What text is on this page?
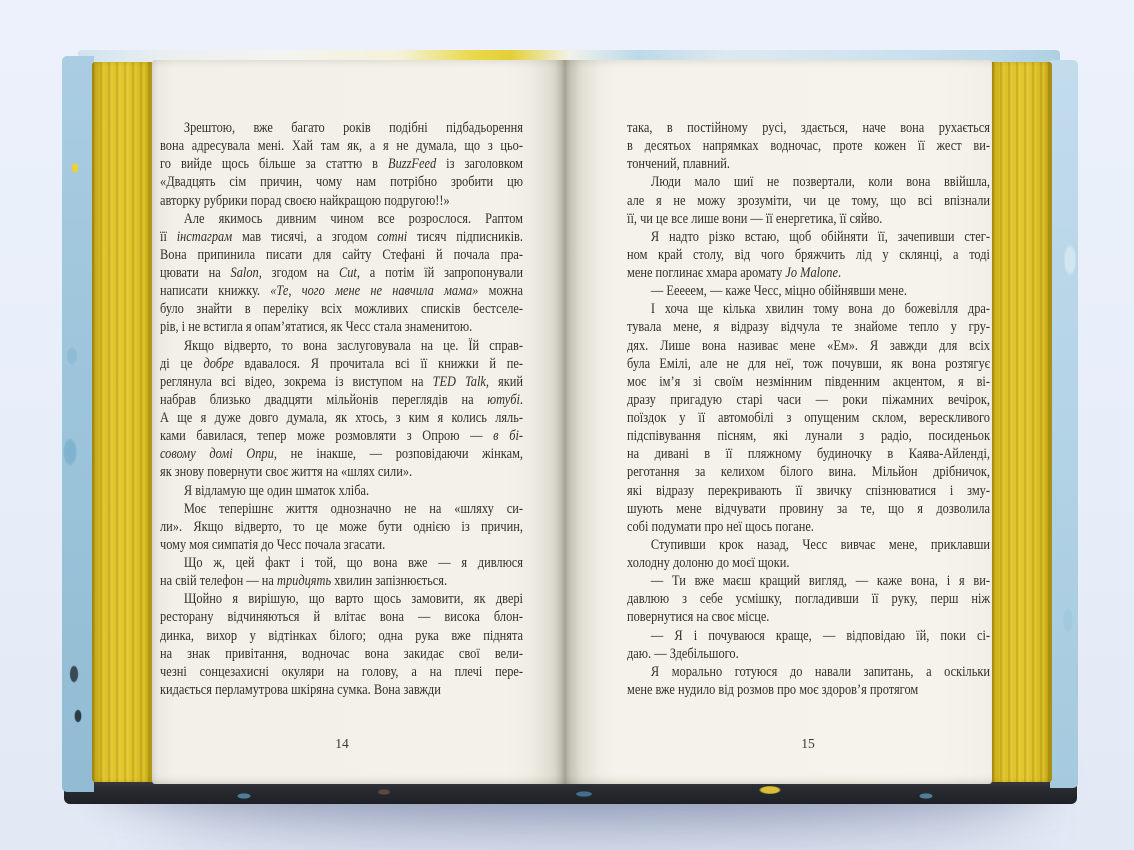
Зрештою, вже багато років подібні підбадьорення
вона адресувала мені. Хай там як, а я не думала, що з цьо-
го вийде щось більше за статтю в BuzzFeed із заголовком
«Двадцять сім причин, чому нам потрібно зробити цю
авторку рубрики порад своєю найкращою подругою!!»
Але якимось дивним чином все розрослося. Раптом
її інстаграм мав тисячі, а згодом сотні тисяч підписників.
Вона припинила писати для сайту Стефані й почала пра-
цювати на Salon, згодом на Cut, а потім їй запропонували
написати книжку. «Те, чого мене не навчила мама» можна
було знайти в переліку всіх можливих списків бестселе-
рів, і не встигла я опам’ятатися, як Чесс стала знаменитою.
Якщо відверто, то вона заслуговувала на це. Їй справ-
ді це добре вдавалося. Я прочитала всі її книжки й пе-
реглянула всі відео, зокрема із виступом на TED Talk, який
набрав близько двадцяти мільйонів переглядів на ютубі.
А ще я дуже довго думала, як хтось, з ким я колись ляль-
ками бавилася, тепер може розмовляти з Опрою — в бі-
совому домі Опри, не інакше, — розповідаючи жінкам,
як знову повернути своє життя на «шлях сили».
Я відламую ще один шматок хліба.
Моє теперішнє життя однозначно не на «шляху си-
ли». Якщо відверто, то це може бути однією із причин,
чому моя симпатія до Чесс почала згасати.
Що ж, цей факт і той, що вона вже — я дивлюся
на свій телефон — на тридцять хвилин запізнюється.
Щойно я вирішую, що варто щось замовити, як двері
ресторану відчиняються й влітає вона — висока блон-
динка, вихор у відтінках білого; одна рука вже піднята
на знак привітання, водночас вона закидає свої вели-
чезні сонцезахисні окуляри на голову, а на плечі пере-
кидається перламутрова шкіряна сумка. Вона завжди
така, в постійному русі, здається, наче вона рухається
в десятьох напрямках водночас, проте кожен її жест ви-
тончений, плавний.
Люди мало шиї не позвертали, коли вона ввійшла,
але я не можу зрозуміти, чи це тому, що всі впізнали
її, чи це все лише вони — її енергетика, її сяйво.
Я надто різко встаю, щоб обійняти її, зачепивши стег-
ном край столу, від чого бряжчить лід у склянці, а тоді
мене поглинає хмара аромату Jo Malone.
— Ееееем, — каже Чесс, міцно обійнявши мене.
І хоча ще кілька хвилин тому вона до божевілля дра-
тувала мене, я відразу відчула те знайоме тепло у гру-
дях. Лише вона називає мене «Ем». Я завжди для всіх
була Емілі, але не для неї, тож почувши, як вона розтягує
моє ім’я зі своїм незмінним південним акцентом, я ві-
дразу пригадую старі часи — роки піжамних вечірок,
поїздок у її автомобілі з опущеним склом, верескливого
підспівування пісням, які лунали з радіо, посиденьок
на дивані в її пляжному будиночку в Каява-Айленді,
реготання за келихом білого вина. Мільйон дрібничок,
які відразу перекривають її звичку спізнюватися і зму-
шують мене відчувати провину за те, що я дозволила
собі подумати про неї щось погане.
Ступивши крок назад, Чесс вивчає мене, приклавши
холодну долоню до моєї щоки.
— Ти вже маєш кращий вигляд, — каже вона, і я ви-
давлюю з себе усмішку, погладивши її руку, перш ніж
повернутися на своє місце.
— Я і почуваюся краще, — відповідаю їй, поки сі-
даю. — Здебільшого.
Я морально готуюся до навали запитань, а оскільки
мене вже нудило від розмов про моє здоров’я протягом
14	15
